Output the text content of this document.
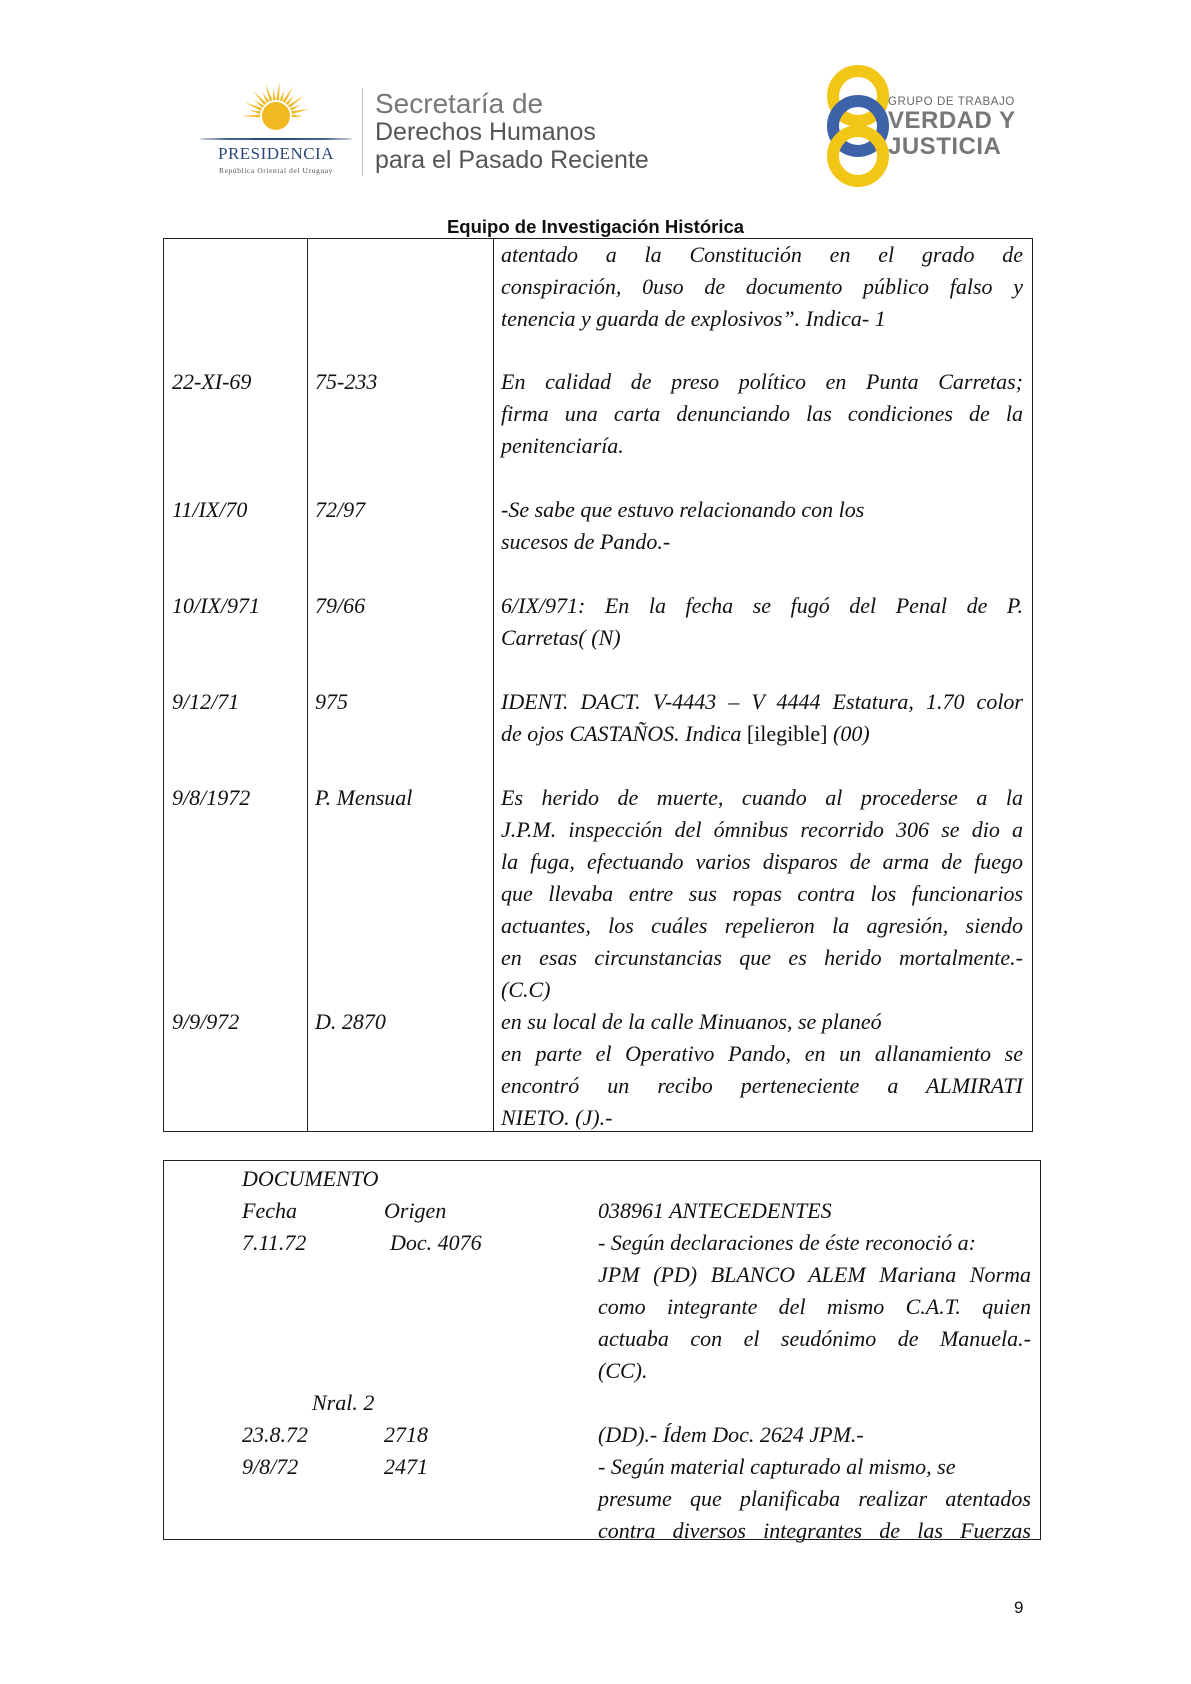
PRESIDENCIA
República Oriental del Uruguay
Secretaría de
Derechos Humanos
para el Pasado Reciente
GRUPO DE TRABAJO
VERDAD Y
JUSTICIA
Equipo de Investigación Histórica
atentado a la Constitución en el grado de
conspiración, 0uso de documento público falso y
tenencia y guarda de explosivos”. Indica- 1
22-XI-69	75-233	En calidad de preso político en Punta Carretas;
firma una carta denunciando las condiciones de la
penitenciaría.
11/IX/70	72/97	-Se sabe que estuvo relacionando con los
sucesos de Pando.-
10/IX/971	79/66	6/IX/971: En la fecha se fugó del Penal de P.
Carretas( (N)
9/12/71	975	IDENT. DACT. V-4443 – V 4444 Estatura, 1.70 color
de ojos CASTAÑOS. Indica [ilegible] (00)
9/8/1972	P. Mensual	Es herido de muerte, cuando al procederse a la
J.P.M. inspección del ómnibus recorrido 306 se dio a
la fuga, efectuando varios disparos de arma de fuego
que llevaba entre sus ropas contra los funcionarios
actuantes, los cuáles repelieron la agresión, siendo
en esas circunstancias que es herido mortalmente.-
(C.C)
9/9/972	D. 2870	en su local de la calle Minuanos, se planeó
en parte el Operativo Pando, en un allanamiento se
encontró un recibo perteneciente a ALMIRATI
NIETO. (J).-
DOCUMENTO
Fecha	Origen	038961 ANTECEDENTES
7.11.72	Doc. 4076	- Según declaraciones de éste reconoció a:
JPM (PD) BLANCO ALEM Mariana Norma
como integrante del mismo C.A.T. quien
actuaba con el seudónimo de Manuela.-
(CC).
Nral. 2
23.8.72	2718	(DD).- Ídem Doc. 2624 JPM.-
9/8/72	2471	- Según material capturado al mismo, se
presume que planificaba realizar atentados
contra diversos integrantes de las Fuerzas
9
